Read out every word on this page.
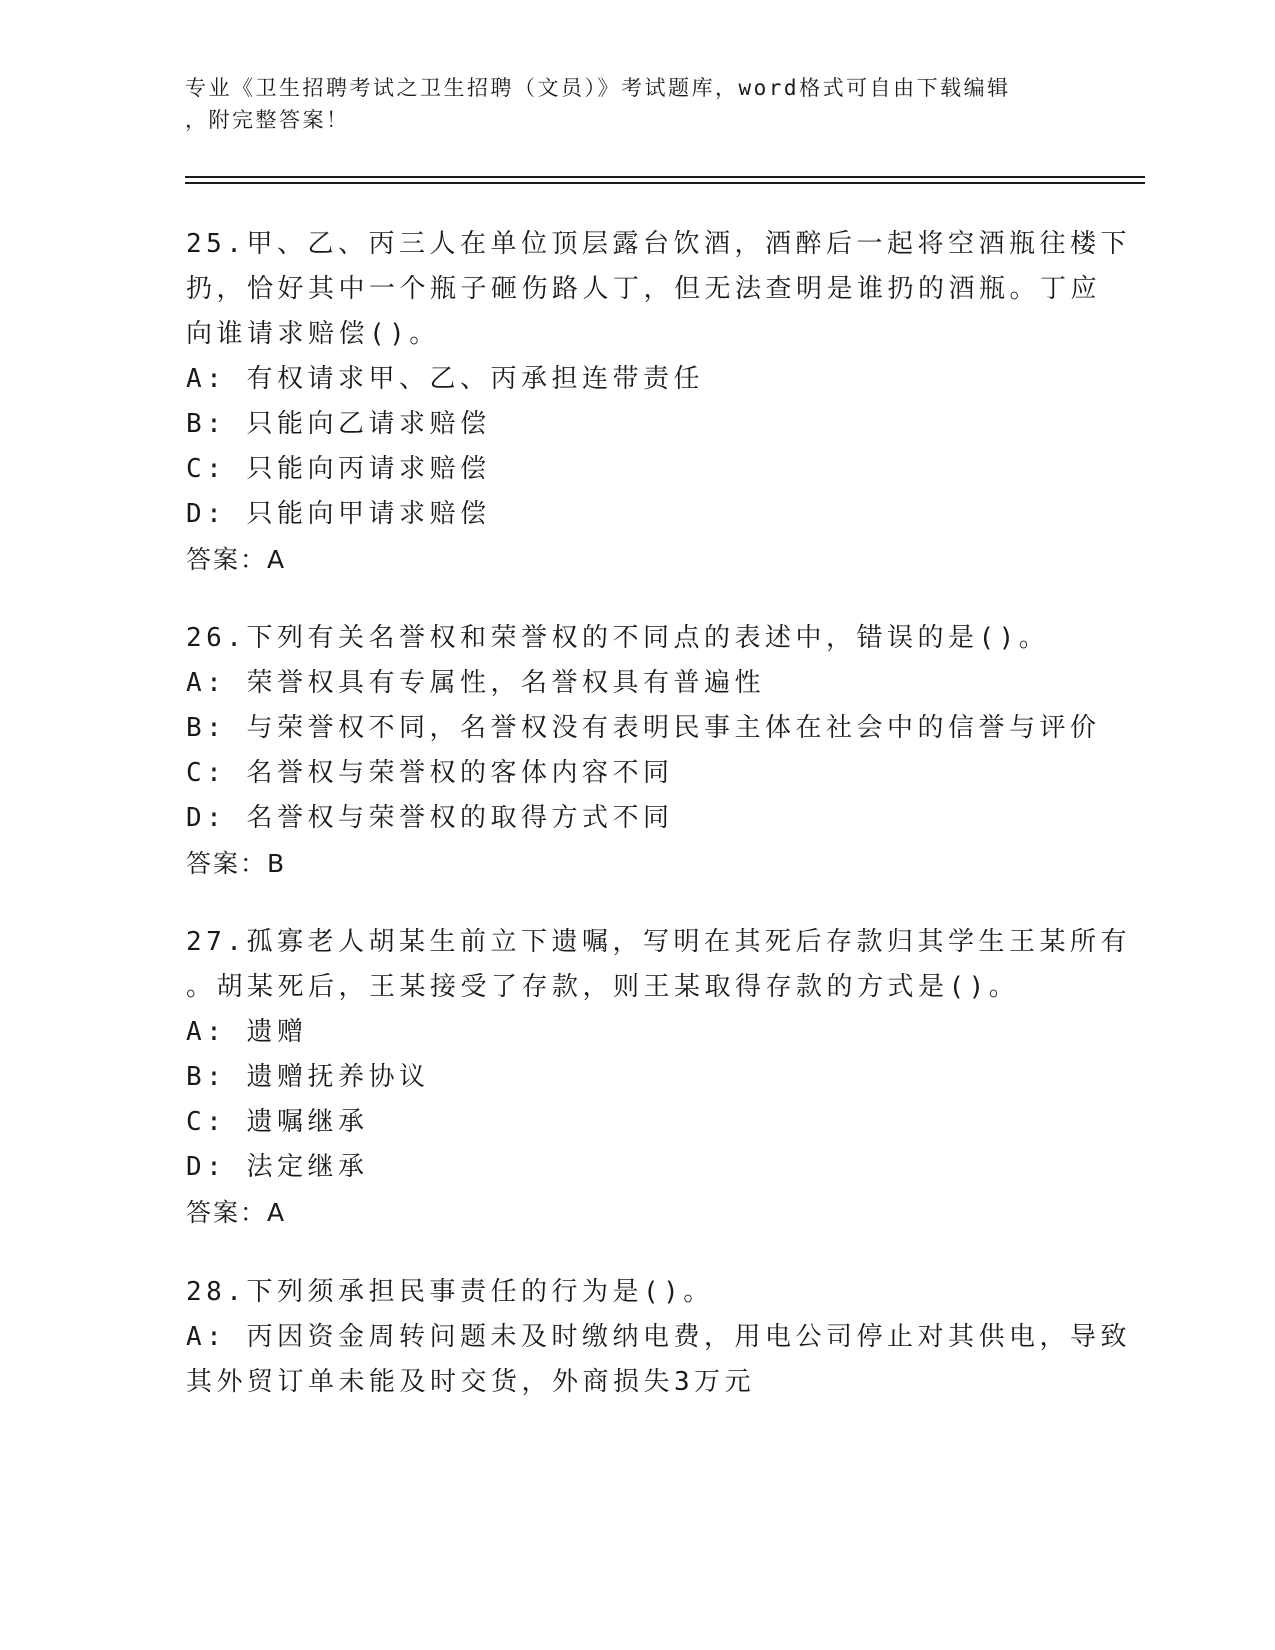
专业《卫生招聘考试之卫生招聘（文员）》考试题库，word格式可自由下载编辑
，附完整答案！
25.甲、乙、丙三人在单位顶层露台饮酒，酒醉后一起将空酒瓶往楼下
扔，恰好其中一个瓶子砸伤路人丁，但无法查明是谁扔的酒瓶。丁应
向谁请求赔偿()。
A: 有权请求甲、乙、丙承担连带责任
B: 只能向乙请求赔偿
C: 只能向丙请求赔偿
D: 只能向甲请求赔偿
答案：A
26.下列有关名誉权和荣誉权的不同点的表述中，错误的是()。
A: 荣誉权具有专属性，名誉权具有普遍性
B: 与荣誉权不同，名誉权没有表明民事主体在社会中的信誉与评价
C: 名誉权与荣誉权的客体内容不同
D: 名誉权与荣誉权的取得方式不同
答案：B
27.孤寡老人胡某生前立下遗嘱，写明在其死后存款归其学生王某所有
。胡某死后，王某接受了存款，则王某取得存款的方式是()。
A: 遗赠
B: 遗赠抚养协议
C: 遗嘱继承
D: 法定继承
答案：A
28.下列须承担民事责任的行为是()。
A: 丙因资金周转问题未及时缴纳电费，用电公司停止对其供电，导致
其外贸订单未能及时交货，外商损失3万元
